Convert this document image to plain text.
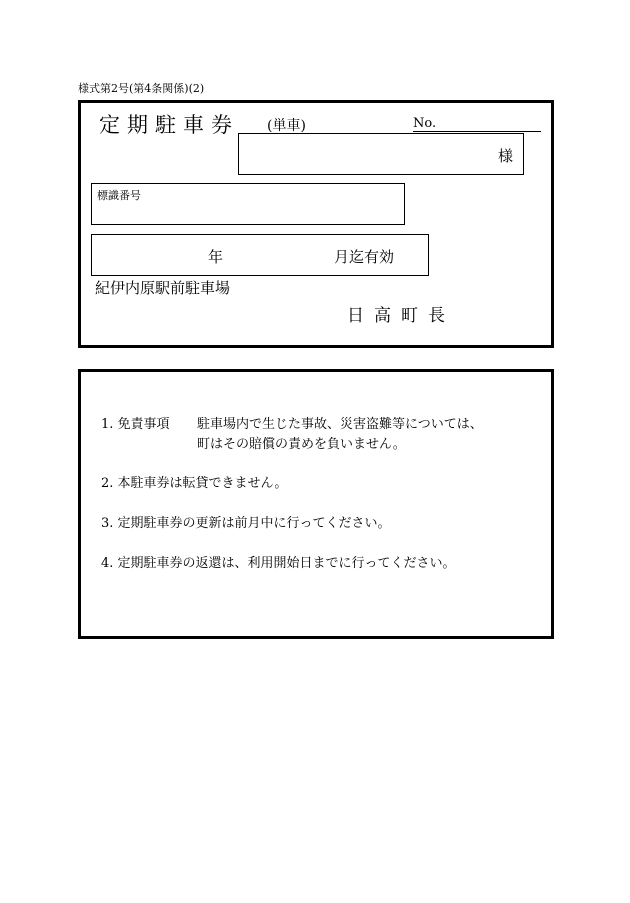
様式第2号(第4条関係)(2)
定期駐車券 (単車)	No.
様
標識番号
年	月迄有効
紀伊内原駅前駐車場
日高町長
1. 免責事項 駐車場内で生じた事故、災害盗難等については、
町はその賠償の責めを負いません。
2. 本駐車券は転貸できません。
3. 定期駐車券の更新は前月中に行ってください。
4. 定期駐車券の返還は、利用開始日までに行ってください。
